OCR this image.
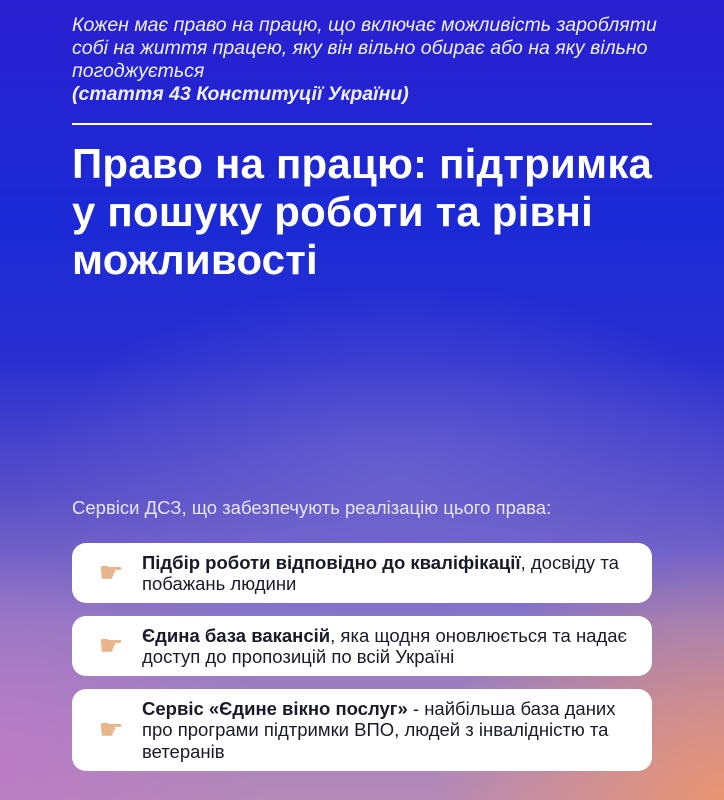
Кожен має право на працю, що включає можливість заробляти собі на життя працею, яку він вільно обирає або на яку вільно погоджується
(стаття 43 Конституції України)
Право на працю: підтримка у пошуку роботи та рівні можливості
Сервіси ДСЗ, що забезпечують реалізацію цього права:
☛ Підбір роботи відповідно до кваліфікації, досвіду та побажань людини
☛ Єдина база вакансій, яка щодня оновлюється та надає доступ до пропозицій по всій Україні
☛
Сервіс «Єдине вікно послуг» - найбільша база даних про програми підтримки ВПО, людей з інвалідністю та ветеранів
